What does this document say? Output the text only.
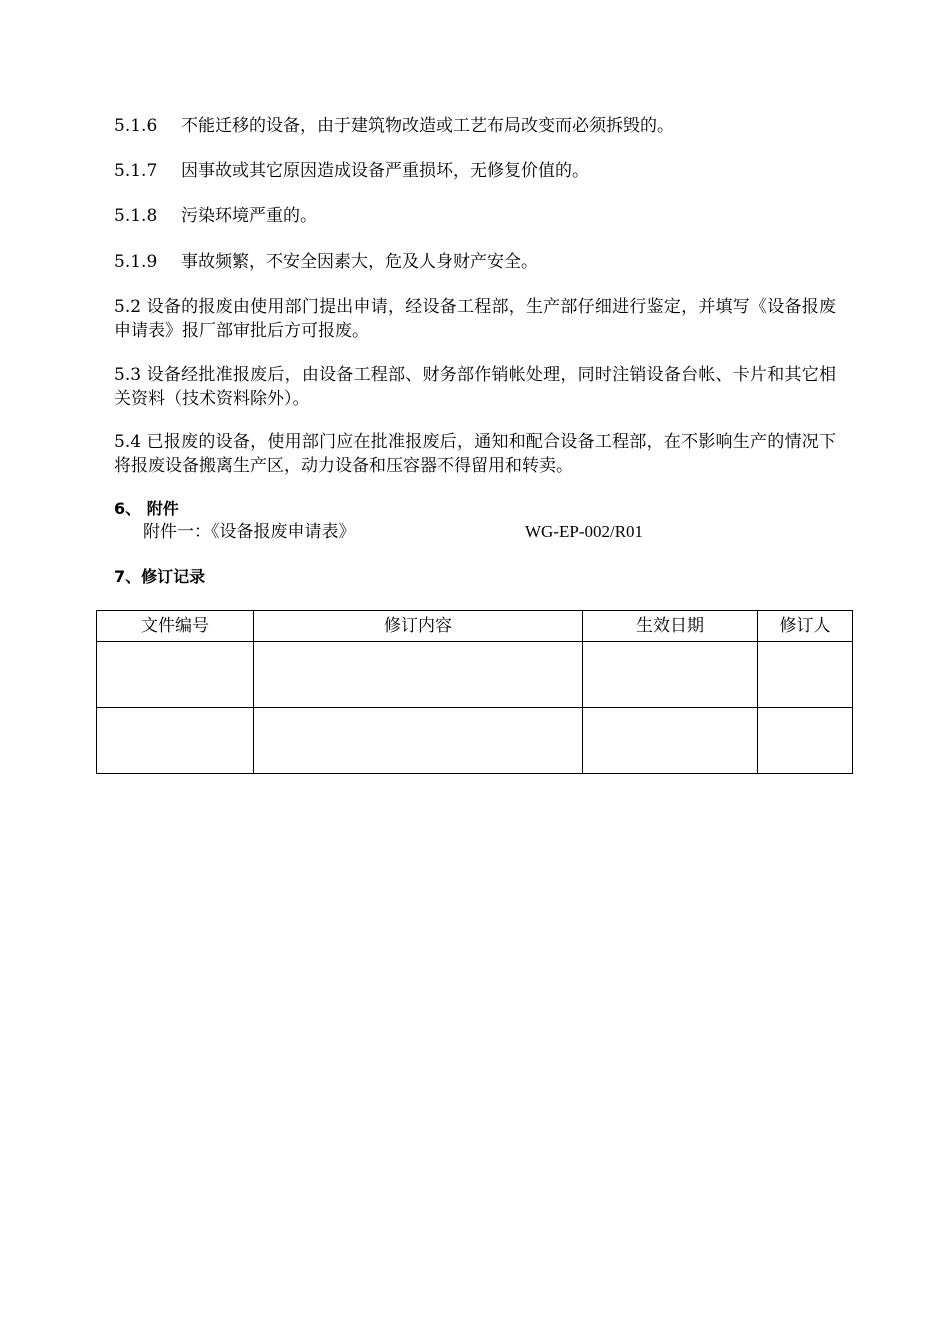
5.1.6 不能迁移的设备，由于建筑物改造或工艺布局改变而必须拆毁的。
5.1.7 因事故或其它原因造成设备严重损坏，无修复价值的。
5.1.8 污染环境严重的。
5.1.9 事故频繁，不安全因素大，危及人身财产安全。
5.2 设备的报废由使用部门提出申请，经设备工程部，生产部仔细进行鉴定，并填写《设备报废申请表》报厂部审批后方可报废。
5.3 设备经批准报废后，由设备工程部、财务部作销帐处理，同时注销设备台帐、卡片和其它相关资料（技术资料除外）。
5.4 已报废的设备，使用部门应在批准报废后，通知和配合设备工程部，在不影响生产的情况下将报废设备搬离生产区，动力设备和压容器不得留用和转卖。
6、 附件
附件一：《设备报废申请表》	WG-EP-002/R01
7、修订记录
文件编号	修订内容	生效日期	修订人
